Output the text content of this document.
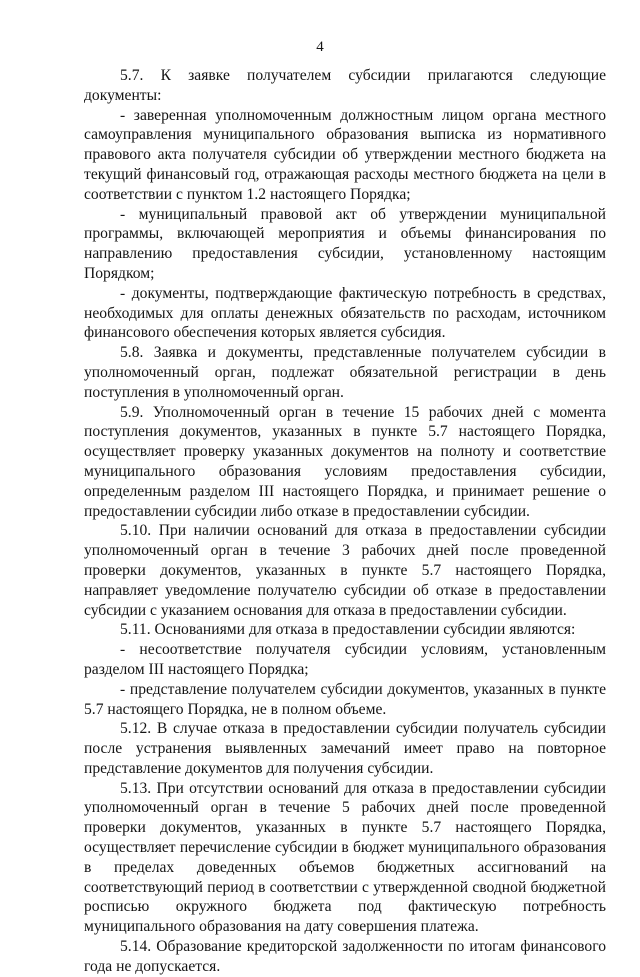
4

5.7. К заявке получателем субсидии прилагаются следующие документы:

- заверенная уполномоченным должностным лицом органа местного самоуправления муниципального образования выписка из нормативного правового акта получателя субсидии об утверждении местного бюджета на текущий финансовый год, отражающая расходы местного бюджета на цели в соответствии с пунктом 1.2 настоящего Порядка;

- муниципальный правовой акт об утверждении муниципальной программы, включающей мероприятия и объемы финансирования по направлению предоставления субсидии, установленному настоящим Порядком;

- документы, подтверждающие фактическую потребность в средствах, необходимых для оплаты денежных обязательств по расходам, источником финансового обеспечения которых является субсидия.

5.8. Заявка и документы, представленные получателем субсидии в уполномоченный орган, подлежат обязательной регистрации в день поступления в уполномоченный орган.

5.9. Уполномоченный орган в течение 15 рабочих дней с момента поступления документов, указанных в пункте 5.7 настоящего Порядка, осуществляет проверку указанных документов на полноту и соответствие муниципального образования условиям предоставления субсидии, определенным разделом III настоящего Порядка, и принимает решение о предоставлении субсидии либо отказе в предоставлении субсидии.

5.10. При наличии оснований для отказа в предоставлении субсидии уполномоченный орган в течение 3 рабочих дней после проведенной проверки документов, указанных в пункте 5.7 настоящего Порядка, направляет уведомление получателю субсидии об отказе в предоставлении субсидии с указанием основания для отказа в предоставлении субсидии.

5.11. Основаниями для отказа в предоставлении субсидии являются:

- несоответствие получателя субсидии условиям, установленным разделом III настоящего Порядка;

- представление получателем субсидии документов, указанных в пункте 5.7 настоящего Порядка, не в полном объеме.

5.12. В случае отказа в предоставлении субсидии получатель субсидии после устранения выявленных замечаний имеет право на повторное представление документов для получения субсидии.

5.13. При отсутствии оснований для отказа в предоставлении субсидии уполномоченный орган в течение 5 рабочих дней после проведенной проверки документов, указанных в пункте 5.7 настоящего Порядка, осуществляет перечисление субсидии в бюджет муниципального образования в пределах доведенных объемов бюджетных ассигнований на соответствующий период в соответствии с утвержденной сводной бюджетной росписью окружного бюджета под фактическую потребность муниципального образования на дату совершения платежа.

5.14. Образование кредиторской задолженности по итогам финансового года не допускается.
